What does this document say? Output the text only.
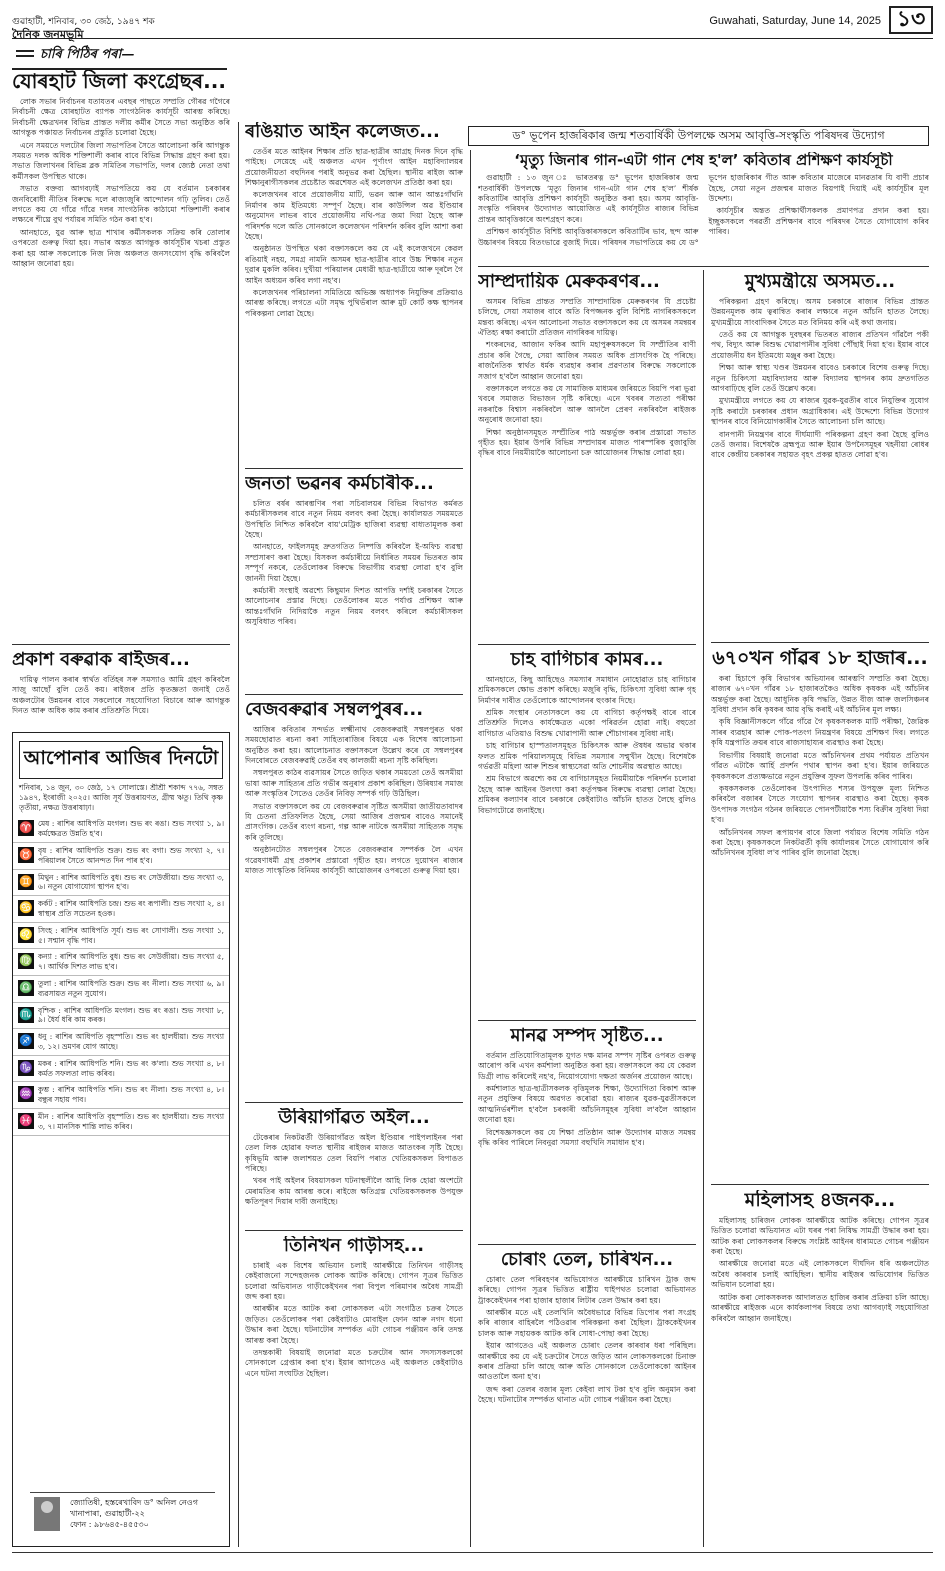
গুৱাহাটী, শনিবাৰ, ৩০ জেঠ, ১৯৪৭ শক
দৈনিক জনমভূমি
Guwahati, Saturday, June 14, 2025 ১৩
চাৰি পিঠিৰ পৰা—
যোৰহাট জিলা কংগ্ৰেছৰ...

লোক সভাৰ নিৰ্বাচনৰ যতাযতৰ এবছৰ পাছতে সম্প্ৰতি গৌৰৱ গগৈৰে নিৰ্বাচনী ক্ষেত্ৰ যোৰহাটত ব্যাপক সাংগঠনিক কাৰ্যসূচী আৰম্ভ কৰিছে। নিৰ্বাচনী ক্ষেত্ৰখনৰ বিভিন্ন প্ৰান্তত দলীয় কৰ্মীৰ সৈতে সভা অনুষ্ঠিত কৰি আগন্তুক পঞ্চায়ত নিৰ্বাচনৰ প্ৰস্তুতি চলোৱা হৈছে।

এনে সময়তে দলটোৰ জিলা সভাপতিৰ সৈতে আলোচনা কৰি আগন্তুক সময়ত দলক অধিক শক্তিশালী কৰাৰ বাবে বিভিন্ন সিদ্ধান্ত গ্ৰহণ কৰা হয়। সভাত জিলাখনৰ বিভিন্ন ব্লক সমিতিৰ সভাপতি, দলৰ জ্যেষ্ঠ নেতা তথা কৰ্মীসকল উপস্থিত থাকে।

সভাত বক্তব্য আগবঢ়াই সভাপতিয়ে কয় যে বৰ্তমান চৰকাৰৰ জনবিৰোধী নীতিৰ বিৰুদ্ধে দলে ৰাজ্যজুৰি আন্দোলন গঢ়ি তুলিব। তেওঁ লগতে কয় যে গাঁৱে গাঁৱে দলৰ সাংগঠনিক কাঠামো শক্তিশালী কৰাৰ লক্ষ্যৰে শীঘ্ৰে বুথ পৰ্যায়ৰ সমিতি গঠন কৰা হ'ব।

আনহাতে, যুৱ আৰু ছাত্ৰ শাখাৰ কৰ্মীসকলক সক্ৰিয় কৰি তোলাৰ ওপৰতো গুৰুত্ব দিয়া হয়। সভাৰ অন্তত আগন্তুক কাৰ্যসূচীৰ খচৰা প্ৰস্তুত কৰা হয় আৰু সকলোকে নিজ নিজ অঞ্চলত জনসংযোগ বৃদ্ধি কৰিবলৈ আহ্বান জনোৱা হয়।

প্ৰকাশ বৰুৱাক ৰাইজৰ...

দায়িত্ব পালন কৰাৰ স্বাৰ্থত বৰ্তিহৰ সৰু সমস্যাও আমি গ্ৰহণ কৰিবলৈ সাজু আছোঁ বুলি তেওঁ কয়। ৰাইজৰ প্ৰতি কৃতজ্ঞতা জনাই তেওঁ অঞ্চলটোৰ উন্নয়নৰ বাবে সকলোৰে সহযোগিতা বিচাৰে আৰু আগন্তুক দিনত আৰু অধিক কাম কৰাৰ প্ৰতিশ্ৰুতি দিয়ে।

আপোনাৰ আজিৰ দিনটো
শনিবাৰ, ১৪ জুন, ৩০ জেঠ, ১৭ সোলাস্তে। শ্ৰীশ্ৰী শকাব্দ ৭৭৬, সম্বত ১৯৪৭, ইংৰাজী ২০২৫। আজি সূৰ্য উত্তৰায়ণত, গ্ৰীষ্ম ঋতু। তিথি কৃষ্ণ তৃতীয়া, নক্ষত্ৰ উত্তৰাষাঢ়া।
♈ মেষ : ৰাশিৰ আধিপতি মংগল। শুভ ৰং ৰঙা। শুভ সংখ্যা ১, ৯। কৰ্মক্ষেত্ৰত উন্নতি হ'ব।
♉ বৃষ : ৰাশিৰ আধিপতি শুক্ৰ। শুভ ৰং বগা। শুভ সংখ্যা ২, ৭। পৰিয়ালৰ সৈতে আনন্দত দিন পাৰ হ'ব।
♊ মিথুন : ৰাশিৰ আধিপতি বুধ। শুভ ৰং সেউজীয়া। শুভ সংখ্যা ৩, ৬। নতুন যোগাযোগ স্থাপন হ'ব।
♋ কৰ্কট : ৰাশিৰ আধিপতি চন্দ্ৰ। শুভ ৰং ৰূপালী। শুভ সংখ্যা ২, ৪। স্বাস্থ্যৰ প্ৰতি সচেতন হওক।
♌ সিংহ : ৰাশিৰ আধিপতি সূৰ্য। শুভ ৰং সোণালী। শুভ সংখ্যা ১, ৫। সন্মান বৃদ্ধি পাব।
♍ কন্যা : ৰাশিৰ আধিপতি বুধ। শুভ ৰং সেউজীয়া। শুভ সংখ্যা ৫, ৭। আৰ্থিক দিশত লাভ হ'ব।
♎ তুলা : ৰাশিৰ আধিপতি শুক্ৰ। শুভ ৰং নীলা। শুভ সংখ্যা ৬, ৯। ব্যৱসায়ত নতুন সুযোগ।
♏ বৃশ্চিক : ৰাশিৰ আধিপতি মংগল। শুভ ৰং ৰঙা। শুভ সংখ্যা ৮, ৯। ধৈৰ্য ধৰি কাম কৰক।
♐ ধনু : ৰাশিৰ আধিপতি বৃহস্পতি। শুভ ৰং হালধীয়া। শুভ সংখ্যা ৩, ১২। ভ্ৰমণৰ যোগ আছে।
♑ মকৰ : ৰাশিৰ আধিপতি শনি। শুভ ৰং ক'লা। শুভ সংখ্যা ৪, ৮। কৰ্মত সফলতা লাভ কৰিব।
♒ কুম্ভ : ৰাশিৰ আধিপতি শনি। শুভ ৰং নীলা। শুভ সংখ্যা ৪, ৮। বন্ধুৰ সহায় পাব।
♓ মীন : ৰাশিৰ আধিপতি বৃহস্পতি। শুভ ৰং হালধীয়া। শুভ সংখ্যা ৩, ৭। মানসিক শান্তি লাভ কৰিব।
জ্যোতিষী, হস্তৰেখাবিদ ড° অনিল নেওগ
খানাপাৰা, গুৱাহাটী-২২
ফোন : ৯৮৬৪৫-৪৫৫৩০
ৰঙিয়াত আইন কলেজত...

তেওঁৰ মতে আইনৰ শিক্ষাৰ প্ৰতি ছাত্ৰ-ছাত্ৰীৰ আগ্ৰহ দিনক দিনে বৃদ্ধি পাইছে। সেয়েহে এই অঞ্চলত এখন পূৰ্ণাংগ আইন মহাবিদ্যালয়ৰ প্ৰয়োজনীয়তা বহুদিনৰ পৰাই অনুভৱ কৰা হৈছিল। স্থানীয় ৰাইজ আৰু শিক্ষানুৰাগীসকলৰ প্ৰচেষ্টাত অৱশেষত এই কলেজখন প্ৰতিষ্ঠা কৰা হয়।

কলেজখনৰ বাবে প্ৰয়োজনীয় মাটি, ভৱন আৰু আন আন্তঃগাঁথনি নিৰ্মাণৰ কাম ইতিমধ্যে সম্পূৰ্ণ হৈছে। বাৰ কাউন্সিল অৱ ইণ্ডিয়াৰ অনুমোদন লাভৰ বাবে প্ৰয়োজনীয় নথি-পত্ৰ জমা দিয়া হৈছে আৰু পৰিদৰ্শক দলে অতি সোনকালে কলেজখন পৰিদৰ্শন কৰিব বুলি আশা কৰা হৈছে।

অনুষ্ঠানত উপস্থিত থকা বক্তাসকলে কয় যে এই কলেজখনে কেৱল ৰঙিয়াই নহয়, সমগ্ৰ নামনি অসমৰ ছাত্ৰ-ছাত্ৰীৰ বাবে উচ্চ শিক্ষাৰ নতুন দুৱাৰ মুকলি কৰিব। দুখীয়া পৰিয়ালৰ মেধাৱী ছাত্ৰ-ছাত্ৰীয়ে আৰু দূৰলৈ গৈ আইন অধ্যয়ন কৰিব লগা নহ'ব।

কলেজখনৰ পৰিচালনা সমিতিয়ে অভিজ্ঞ অধ্যাপক নিযুক্তিৰ প্ৰক্ৰিয়াও আৰম্ভ কৰিছে। লগতে এটা সমৃদ্ধ পুথিভঁৰাল আৰু মুট কোৰ্ট কক্ষ স্থাপনৰ পৰিকল্পনা লোৱা হৈছে।

জনতা ভৱনৰ কৰ্মচাৰীক...

চলিত বৰ্ষৰ আৰম্ভণিৰ পৰা সচিবালয়ৰ বিভিন্ন বিভাগত কৰ্মৰত কৰ্মচাৰীসকলৰ বাবে নতুন নিয়ম বলবৎ কৰা হৈছে। কাৰ্যালয়ত সময়মতে উপস্থিতি নিশ্চিত কৰিবলৈ বায়'মেট্ৰিক হাজিৰা ব্যৱস্থা বাধ্যতামূলক কৰা হৈছে।

আনহাতে, ফাইলসমূহ দ্ৰুতগতিত নিষ্পত্তি কৰিবলৈ ই-অফিচ ব্যৱস্থা সম্প্ৰসাৰণ কৰা হৈছে। যিসকল কৰ্মচাৰীয়ে নিৰ্ধাৰিত সময়ৰ ভিতৰত কাম সম্পূৰ্ণ নকৰে, তেওঁলোকৰ বিৰুদ্ধে বিভাগীয় ব্যৱস্থা লোৱা হ'ব বুলি জাননী দিয়া হৈছে।

কৰ্মচাৰী সংস্থাই অৱশ্যে কিছুমান দিশত আপত্তি দৰ্শাই চৰকাৰৰ সৈতে আলোচনাৰ প্ৰস্তাৱ দিছে। তেওঁলোকৰ মতে পৰ্যাপ্ত প্ৰশিক্ষণ আৰু আন্তঃগাঁথনি নিদিয়াকৈ নতুন নিয়ম বলবৎ কৰিলে কৰ্মচাৰীসকল অসুবিধাত পৰিব।

বেজবৰুৱাৰ সম্বলপুৰৰ...

আজিৰ কবিতাৰ সন্দৰ্ভত লক্ষ্মীনাথ বেজবৰুৱাই সম্বলপুৰত থকা সময়ছোৱাত ৰচনা কৰা সাহিত্যৰাজিৰ বিষয়ে এক বিশেষ আলোচনা অনুষ্ঠিত কৰা হয়। আলোচনাত বক্তাসকলে উল্লেখ কৰে যে সম্বলপুৰৰ দিনবোৰতে বেজবৰুৱাই তেওঁৰ বহু কালজয়ী ৰচনা সৃষ্টি কৰিছিল।

সম্বলপুৰত কাঠৰ ব্যৱসায়ৰ সৈতে জড়িত থকাৰ সময়তো তেওঁ অসমীয়া ভাষা আৰু সাহিত্যৰ প্ৰতি গভীৰ অনুৰাগ প্ৰকাশ কৰিছিল। উৰিষ্যাৰ সমাজ আৰু সংস্কৃতিৰ সৈতেও তেওঁৰ নিবিড় সম্পৰ্ক গঢ়ি উঠিছিল।

সভাত বক্তাসকলে কয় যে বেজবৰুৱাৰ সৃষ্টিত অসমীয়া জাতীয়তাবাদৰ যি চেতনা প্ৰতিফলিত হৈছে, সেয়া আজিৰ প্ৰজন্মৰ বাবেও সমানেই প্ৰাসংগিক। তেওঁৰ ব্যংগ ৰচনা, গল্প আৰু নাটকে অসমীয়া সাহিত্যক সমৃদ্ধ কৰি তুলিছে।

অনুষ্ঠানটোত সম্বলপুৰৰ সৈতে বেজবৰুৱাৰ সম্পৰ্কক লৈ এখন গৱেষণাধৰ্মী গ্ৰন্থ প্ৰকাশৰ প্ৰস্তাৱো গৃহীত হয়। লগতে দুয়োখন ৰাজ্যৰ মাজত সাংস্কৃতিক বিনিময় কাৰ্যসূচী আয়োজনৰ ওপৰতো গুৰুত্ব দিয়া হয়।

উৰিয়াগাঁৱত অইল...

টেকেৰাৰ নিকটৱৰ্তী উৰিয়াগাঁৱত অইল ইণ্ডিয়াৰ পাইপলাইনৰ পৰা তেল লিক হোৱাৰ ফলত স্থানীয় ৰাইজৰ মাজত আতংকৰ সৃষ্টি হৈছে। কৃষিভূমি আৰু জলাশয়ত তেল বিয়পি পৰাত খেতিয়কসকল বিপাঙত পৰিছে।

খবৰ পাই অইলৰ বিষয়াসকল ঘটনাস্থলীলৈ আহি লিক হোৱা অংশটো মেৰামতিৰ কাম আৰম্ভ কৰে। ৰাইজে ক্ষতিগ্ৰস্ত খেতিয়কসকলক উপযুক্ত ক্ষতিপূৰণ দিয়াৰ দাবী জনাইছে।

তিনিখন গাড়ীসহ...

চাৰাই এক বিশেষ অভিযান চলাই আৰক্ষীয়ে তিনিখন গাড়ীসহ কেইবাজনো সন্দেহজনক লোকক আটক কৰিছে। গোপন সূত্ৰৰ ভিত্তিত চলোৱা অভিযানত গাড়ীকেইখনৰ পৰা বিপুল পৰিমাণৰ অবৈধ সামগ্ৰী জব্দ কৰা হয়।

আৰক্ষীৰ মতে আটক কৰা লোকসকল এটা সংগঠিত চক্ৰৰ সৈতে জড়িত। তেওঁলোকৰ পৰা কেইবাটাও মোবাইল ফোন আৰু নগদ ধনো উদ্ধাৰ কৰা হৈছে। ঘটনাটোৰ সম্পৰ্কত এটা গোচৰ পঞ্জীয়ন কৰি তদন্ত আৰম্ভ কৰা হৈছে।

তদন্তকাৰী বিষয়াই জনোৱা মতে চক্ৰটোৰ আন সদস্যসকলকো সোনকালে গ্ৰেপ্তাৰ কৰা হ'ব। ইয়াৰ আগতেও এই অঞ্চলত কেইবাটাও এনে ঘটনা সংঘটিত হৈছিল।

ড° ভূপেন হাজৰিকাৰ জন্ম শতবাৰ্ষিকী উপলক্ষে অসম আবৃত্তি-সংস্কৃতি পৰিষদৰ উদ্যোগ
‘মৃত্যু জিনাৰ গান-এটা গান শেষ হ'ল’ কবিতাৰ প্ৰশিক্ষণ কাৰ্যসূচী

গুৱাহাটী : ১৩ জুন ঃ ভাৰতৰত্ন ড° ভূপেন হাজৰিকাৰ জন্ম শতবাৰ্ষিকী উপলক্ষে ‘মৃত্যু জিনাৰ গান-এটা গান শেষ হ'ল’ শীৰ্ষক কবিতাটিৰ আবৃত্তি প্ৰশিক্ষণ কাৰ্যসূচী অনুষ্ঠিত কৰা হয়। অসম আবৃত্তি-সংস্কৃতি পৰিষদৰ উদ্যোগত আয়োজিত এই কাৰ্যসূচীত ৰাজ্যৰ বিভিন্ন প্ৰান্তৰ আবৃত্তিকাৰে অংশগ্ৰহণ কৰে।

প্ৰশিক্ষণ কাৰ্যসূচীত বিশিষ্ট আবৃত্তিকাৰসকলে কবিতাটিৰ ভাব, ছন্দ আৰু উচ্চাৰণৰ বিষয়ে বিতংভাৱে বুজাই দিয়ে। পৰিষদৰ সভাপতিয়ে কয় যে ড° ভূপেন হাজৰিকাৰ গীত আৰু কবিতাৰ মাজেৰে মানৱতাৰ যি বাণী প্ৰচাৰ হৈছে, সেয়া নতুন প্ৰজন্মৰ মাজত বিয়পাই দিয়াই এই কাৰ্যসূচীৰ মূল উদ্দেশ্য।

কাৰ্যসূচীৰ অন্তত প্ৰশিক্ষাৰ্থীসকলক প্ৰমাণপত্ৰ প্ৰদান কৰা হয়। ইচ্ছুকসকলে পৰৱৰ্তী প্ৰশিক্ষণৰ বাবে পৰিষদৰ সৈতে যোগাযোগ কৰিব পাৰিব।

সাম্প্ৰদায়িক মেৰুকৰণৰ...

অসমৰ বিভিন্ন প্ৰান্তত সম্প্ৰতি সাম্প্ৰদায়িক মেৰুকৰণৰ যি প্ৰচেষ্টা চলিছে, সেয়া সমাজৰ বাবে অতি বিপজ্জনক বুলি বিশিষ্ট নাগৰিকসকলে মন্তব্য কৰিছে। এখন আলোচনা সভাত বক্তাসকলে কয় যে অসমৰ সমন্বয়ৰ ঐতিহ্য ৰক্ষা কৰাটো প্ৰতিজন নাগৰিকৰ দায়িত্ব।

শংকৰদেৱ, আজান ফকিৰ আদি মহাপুৰুষসকলে যি সম্প্ৰীতিৰ বাণী প্ৰচাৰ কৰি গৈছে, সেয়া আজিৰ সময়ত অধিক প্ৰাসংগিক হৈ পৰিছে। ৰাজনৈতিক স্বাৰ্থত ধৰ্মক ব্যৱহাৰ কৰাৰ প্ৰৱণতাৰ বিৰুদ্ধে সকলোকে সজাগ হ'বলৈ আহ্বান জনোৱা হয়।

বক্তাসকলে লগতে কয় যে সামাজিক মাধ্যমৰ জৰিয়তে বিয়পি পৰা ভুৱা খবৰে সমাজত বিভাজন সৃষ্টি কৰিছে। এনে খবৰৰ সত্যতা পৰীক্ষা নকৰাকৈ বিশ্বাস নকৰিবলৈ আৰু আনলৈ প্ৰেৰণ নকৰিবলৈ ৰাইজক অনুৰোধ জনোৱা হয়।

শিক্ষা অনুষ্ঠানসমূহত সম্প্ৰীতিৰ পাঠ অন্তৰ্ভুক্ত কৰাৰ প্ৰস্তাৱো সভাত গৃহীত হয়। ইয়াৰ উপৰি বিভিন্ন সম্প্ৰদায়ৰ মাজত পাৰস্পৰিক বুজাবুজি বৃদ্ধিৰ বাবে নিয়মীয়াকৈ আলোচনা চক্ৰ আয়োজনৰ সিদ্ধান্ত লোৱা হয়।

চাহ বাগিচাৰ কামৰ...

আনহাতে, কিছু আহিছেও সমস্যাৰ সমাধান নোহোৱাত চাহ বাগিচাৰ শ্ৰমিকসকলে ক্ষোভ প্ৰকাশ কৰিছে। মজুৰি বৃদ্ধি, চিকিৎসা সুবিধা আৰু গৃহ নিৰ্মাণৰ দাবীত তেওঁলোকে আন্দোলনৰ হুংকাৰ দিছে।

শ্ৰমিক সংস্থাৰ নেতাসকলে কয় যে বাগিচা কৰ্তৃপক্ষই বাৰে বাৰে প্ৰতিশ্ৰুতি দিলেও কাৰ্যক্ষেত্ৰত একো পৰিৱৰ্তন হোৱা নাই। বহুতো বাগিচাত এতিয়াও বিশুদ্ধ খোৱাপানী আৰু শৌচাগাৰৰ সুবিধা নাই।

চাহ বাগিচাৰ হাস্পতালসমূহত চিকিৎসক আৰু ঔষধৰ অভাৱ থকাৰ ফলত শ্ৰমিক পৰিয়ালসমূহে বিভিন্ন সমস্যাৰ সন্মুখীন হৈছে। বিশেষকৈ গৰ্ভৱতী মহিলা আৰু শিশুৰ স্বাস্থ্যসেৱা অতি শোচনীয় অৱস্থাত আছে।

শ্ৰম বিভাগে অৱশ্যে কয় যে বাগিচাসমূহত নিয়মীয়াকৈ পৰিদৰ্শন চলোৱা হৈছে আৰু আইনৰ উলংঘা কৰা কৰ্তৃপক্ষৰ বিৰুদ্ধে ব্যৱস্থা লোৱা হৈছে। শ্ৰমিকৰ কল্যাণৰ বাবে চৰকাৰে কেইবাটাও আঁচনি হাতত লৈছে বুলিও বিভাগটোৱে জনাইছে।

মানৱ সম্পদ সৃষ্টিত...

বৰ্তমান প্ৰতিযোগিতামূলক যুগত দক্ষ মানৱ সম্পদ সৃষ্টিৰ ওপৰত গুৰুত্ব আৰোপ কৰি এখন কৰ্মশালা অনুষ্ঠিত কৰা হয়। বক্তাসকলে কয় যে কেৱল ডিগ্ৰী লাভ কৰিলেই নহ'ব, নিয়োগযোগ্য দক্ষতা অৰ্জনৰ প্ৰয়োজন আছে।

কৰ্মশালাত ছাত্ৰ-ছাত্ৰীসকলক বৃত্তিমূলক শিক্ষা, উদ্যোগিতা বিকাশ আৰু নতুন প্ৰযুক্তিৰ বিষয়ে অৱগত কৰোৱা হয়। ৰাজ্যৰ যুৱক-যুৱতীসকলে আত্মনিৰ্ভৰশীল হ'বলৈ চৰকাৰী আঁচনিসমূহৰ সুবিধা ল'বলৈ আহ্বান জনোৱা হয়।

বিশেষজ্ঞসকলে কয় যে শিক্ষা প্ৰতিষ্ঠান আৰু উদ্যোগৰ মাজত সমন্বয় বৃদ্ধি কৰিব পাৰিলে নিবনুৱা সমস্যা বহুখিনি সমাধান হ'ব।

চোৰাং তেল, চাৰিখন...

চোৰাং তেল পৰিবহণৰ অভিযোগত আৰক্ষীয়ে চাৰিখন ট্ৰাক জব্দ কৰিছে। গোপন সূত্ৰৰ ভিত্তিত ৰাষ্ট্ৰীয় ঘাইপথত চলোৱা অভিযানত ট্ৰাককেইখনৰ পৰা হাজাৰ হাজাৰ লিটাৰ তেল উদ্ধাৰ কৰা হয়।

আৰক্ষীৰ মতে এই তেলখিনি অবৈধভাৱে বিভিন্ন ডিপোৰ পৰা সংগ্ৰহ কৰি ৰাজ্যৰ বাহিৰলৈ পঠিওৱাৰ পৰিকল্পনা কৰা হৈছিল। ট্ৰাককেইখনৰ চালক আৰু সহায়কক আটক কৰি সোধা-পোছা কৰা হৈছে।

ইয়াৰ আগতেও এই অঞ্চলত চোৰাং তেলৰ কাৰবাৰ ধৰা পৰিছিল। আৰক্ষীয়ে কয় যে এই চক্ৰটোৰ সৈতে জড়িত আন লোকসকলকো চিনাক্ত কৰাৰ প্ৰক্ৰিয়া চলি আছে আৰু অতি সোনকালে তেওঁলোককো আইনৰ আওতালৈ অনা হ'ব।

জব্দ কৰা তেলৰ বজাৰ মূল্য কেইবা লাখ টকা হ'ব বুলি অনুমান কৰা হৈছে। ঘটনাটোৰ সম্পৰ্কত থানাত এটা গোচৰ পঞ্জীয়ন কৰা হৈছে।

মুখ্যমন্ত্ৰীয়ে অসমত...

পৰিকল্পনা গ্ৰহণ কৰিছে। অসম চৰকাৰে ৰাজ্যৰ বিভিন্ন প্ৰান্তত উন্নয়নমূলক কাম ত্বৰান্বিত কৰাৰ লক্ষ্যৰে নতুন আঁচনি হাতত লৈছে। মুখ্যমন্ত্ৰীয়ে সাংবাদিকৰ সৈতে মত বিনিময় কৰি এই কথা জনায়।

তেওঁ কয় যে আগন্তুক দুবছৰৰ ভিতৰত ৰাজ্যৰ প্ৰতিখন গাঁৱলৈ পকী পথ, বিদ্যুৎ আৰু বিশুদ্ধ খোৱাপানীৰ সুবিধা পৌঁছাই দিয়া হ'ব। ইয়াৰ বাবে প্ৰয়োজনীয় ধন ইতিমধ্যে মঞ্জুৰ কৰা হৈছে।

শিক্ষা আৰু স্বাস্থ্য খণ্ডৰ উন্নয়নৰ বাবেও চৰকাৰে বিশেষ গুৰুত্ব দিছে। নতুন চিকিৎসা মহাবিদ্যালয় আৰু বিদ্যালয় স্থাপনৰ কাম দ্ৰুতগতিত আগবাঢ়িছে বুলি তেওঁ উল্লেখ কৰে।

মুখ্যমন্ত্ৰীয়ে লগতে কয় যে ৰাজ্যৰ যুৱক-যুৱতীৰ বাবে নিযুক্তিৰ সুযোগ সৃষ্টি কৰাটো চৰকাৰৰ প্ৰধান অগ্ৰাধিকাৰ। এই উদ্দেশ্যে বিভিন্ন উদ্যোগ স্থাপনৰ বাবে বিনিয়োগকাৰীৰ সৈতে আলোচনা চলি আছে।

বানপানী নিয়ন্ত্ৰণৰ বাবে দীৰ্ঘম্যাদী পৰিকল্পনা গ্ৰহণ কৰা হৈছে বুলিও তেওঁ জনায়। বিশেষকৈ ব্ৰহ্মপুত্ৰ আৰু ইয়াৰ উপনৈসমূহৰ খহনীয়া ৰোধৰ বাবে কেন্দ্ৰীয় চৰকাৰৰ সহায়ত বৃহৎ প্ৰকল্প হাতত লোৱা হ'ব।

৬৭০খন গাঁৱৰ ১৮ হাজাৰ...

কৰা হিচাপে কৃষি বিভাগৰ অভিযানৰ আৰম্ভণি সম্প্ৰতি কৰা হৈছে। ৰাজ্যৰ ৬৭০খন গাঁৱৰ ১৮ হাজাৰতকৈও অধিক কৃষকক এই আঁচনিৰ অন্তৰ্ভুক্ত কৰা হৈছে। আধুনিক কৃষি পদ্ধতি, উন্নত বীজ আৰু জলসিঞ্চনৰ সুবিধা প্ৰদান কৰি কৃষকৰ আয় বৃদ্ধি কৰাই এই আঁচনিৰ মূল লক্ষ্য।

কৃষি বিজ্ঞানীসকলে গাঁৱে গাঁৱে গৈ কৃষকসকলক মাটি পৰীক্ষা, জৈৱিক সাৰৰ ব্যৱহাৰ আৰু পোক-পতংগ নিয়ন্ত্ৰণৰ বিষয়ে প্ৰশিক্ষণ দিব। লগতে কৃষি যন্ত্ৰপাতি ক্ৰয়ৰ বাবে ৰাজসাহায্যৰ ব্যৱস্থাও কৰা হৈছে।

বিভাগীয় বিষয়াই জনোৱা মতে আঁচনিখনৰ প্ৰথম পৰ্যায়ত প্ৰতিখন গাঁৱত এটাকৈ আৰ্হি প্ৰদৰ্শন পথাৰ স্থাপন কৰা হ'ব। ইয়াৰ জৰিয়তে কৃষকসকলে প্ৰত্যক্ষভাৱে নতুন প্ৰযুক্তিৰ সুফল উপলব্ধি কৰিব পাৰিব।

কৃষকসকলক তেওঁলোকৰ উৎপাদিত শস্যৰ উপযুক্ত মূল্য নিশ্চিত কৰিবলৈ বজাৰৰ সৈতে সংযোগ স্থাপনৰ ব্যৱস্থাও কৰা হৈছে। কৃষক উৎপাদক সংগঠন গঠনৰ জৰিয়তে পোনপটীয়াকৈ শস্য বিক্ৰীৰ সুবিধা দিয়া হ'ব।

আঁচনিখনৰ সফল ৰূপায়ণৰ বাবে জিলা পৰ্যায়ত বিশেষ সমিতি গঠন কৰা হৈছে। কৃষকসকলে নিকটৱৰ্তী কৃষি কাৰ্যালয়ৰ সৈতে যোগাযোগ কৰি আঁচনিখনৰ সুবিধা ল'ব পাৰিব বুলি জনোৱা হৈছে।

মহিলাসহ ৪জনক...

মহিলাসহ চাৰিজন লোকক আৰক্ষীয়ে আটক কৰিছে। গোপন সূত্ৰৰ ভিত্তিত চলোৱা অভিযানত এটা ঘৰৰ পৰা নিষিদ্ধ সামগ্ৰী উদ্ধাৰ কৰা হয়। আটক কৰা লোকসকলৰ বিৰুদ্ধে সংশ্লিষ্ট আইনৰ ধাৰামতে গোচৰ পঞ্জীয়ন কৰা হৈছে।

আৰক্ষীয়ে জনোৱা মতে এই লোকসকলে দীৰ্ঘদিন ধৰি অঞ্চলটোত অবৈধ কাৰবাৰ চলাই আহিছিল। স্থানীয় ৰাইজৰ অভিযোগৰ ভিত্তিত অভিযান চলোৱা হয়।

আটক কৰা লোকসকলক আদালতত হাজিৰ কৰাৰ প্ৰক্ৰিয়া চলি আছে। আৰক্ষীয়ে ৰাইজক এনে কাৰ্যকলাপৰ বিষয়ে তথ্য আগবঢ়াই সহযোগিতা কৰিবলৈ আহ্বান জনাইছে।
